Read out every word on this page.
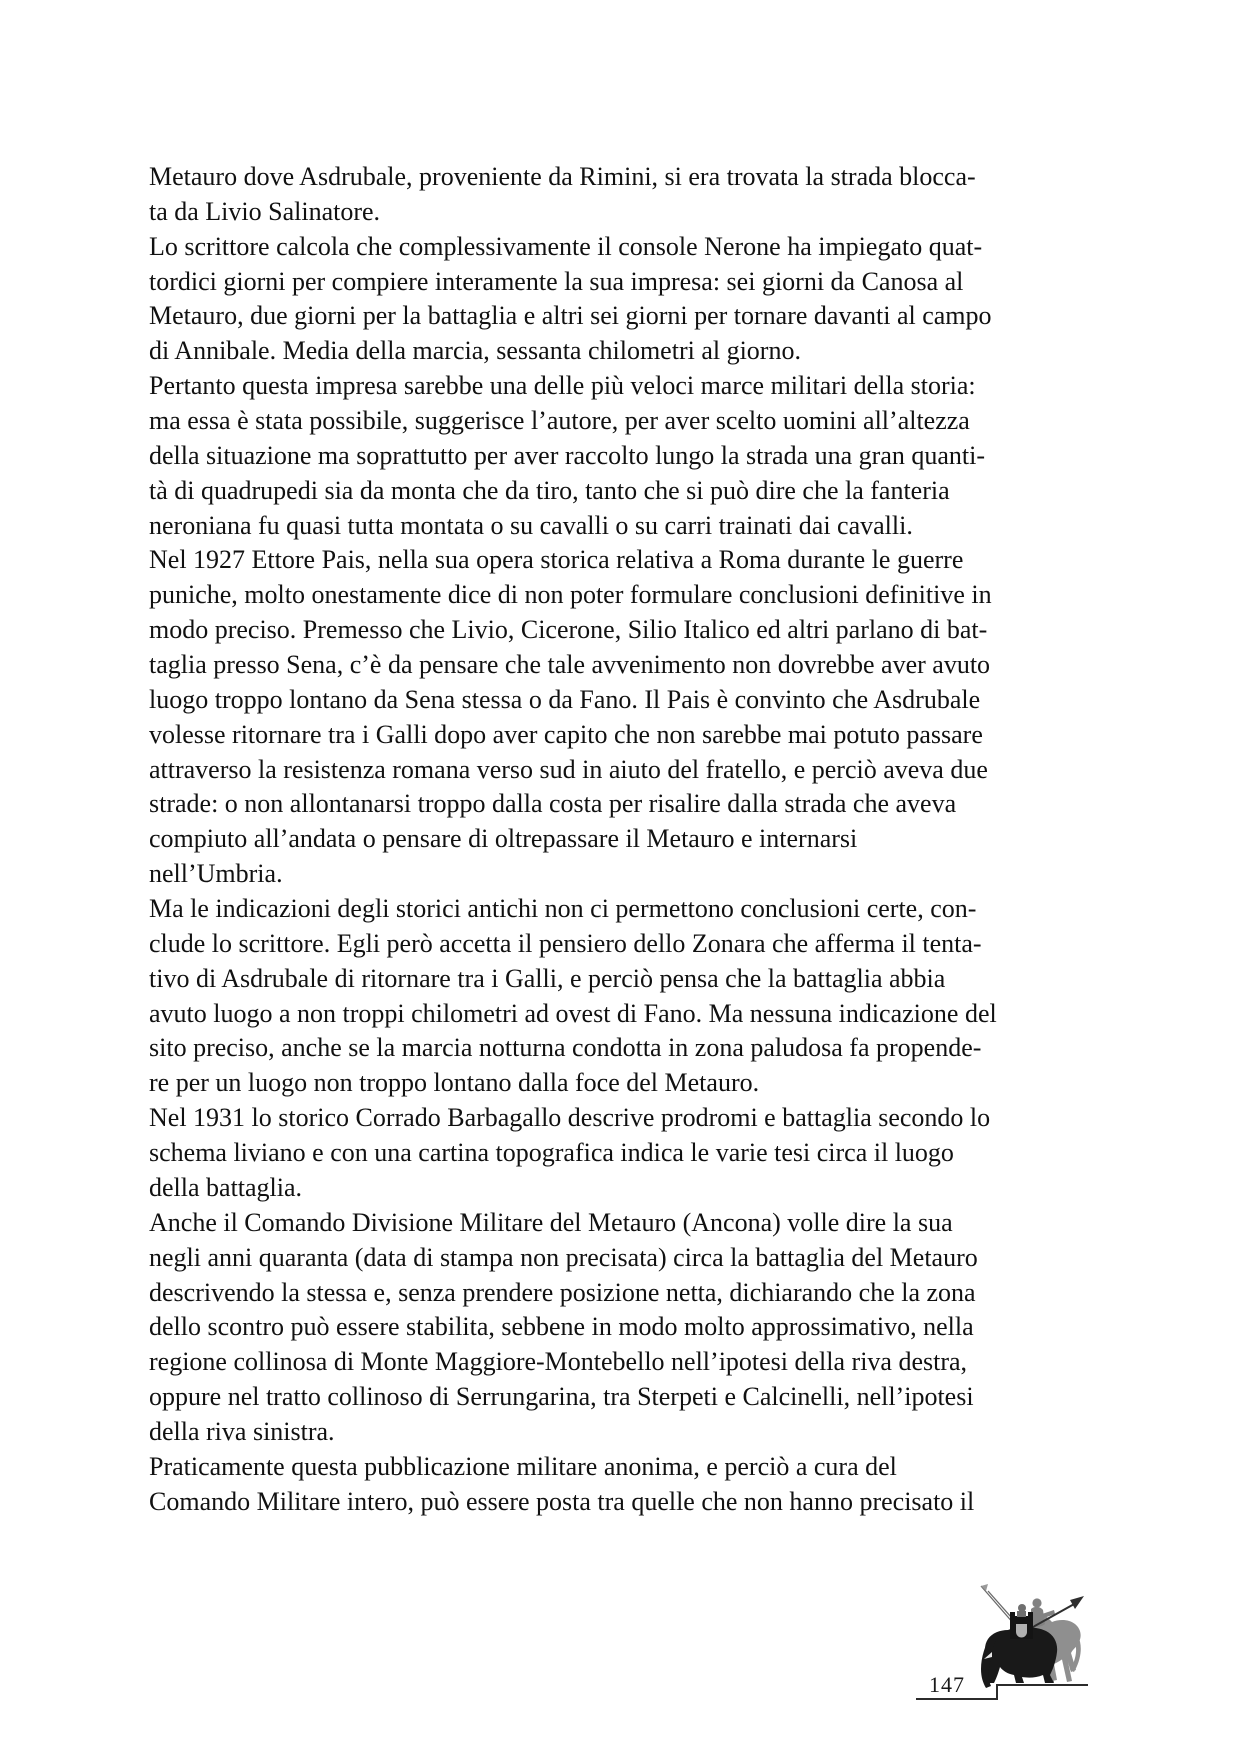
Metauro dove Asdrubale, proveniente da Rimini, si era trovata la strada blocca-
ta da Livio Salinatore.
Lo scrittore calcola che complessivamente il console Nerone ha impiegato quat-
tordici giorni per compiere interamente la sua impresa: sei giorni da Canosa al
Metauro, due giorni per la battaglia e altri sei giorni per tornare davanti al campo
di Annibale. Media della marcia, sessanta chilometri al giorno.
Pertanto questa impresa sarebbe una delle più veloci marce militari della storia:
ma essa è stata possibile, suggerisce l’autore, per aver scelto uomini all’altezza
della situazione ma soprattutto per aver raccolto lungo la strada una gran quanti-
tà di quadrupedi sia da monta che da tiro, tanto che si può dire che la fanteria
neroniana fu quasi tutta montata o su cavalli o su carri trainati dai cavalli.
Nel 1927 Ettore Pais, nella sua opera storica relativa a Roma durante le guerre
puniche, molto onestamente dice di non poter formulare conclusioni definitive in
modo preciso. Premesso che Livio, Cicerone, Silio Italico ed altri parlano di bat-
taglia presso Sena, c’è da pensare che tale avvenimento non dovrebbe aver avuto
luogo troppo lontano da Sena stessa o da Fano. Il Pais è convinto che Asdrubale
volesse ritornare tra i Galli dopo aver capito che non sarebbe mai potuto passare
attraverso la resistenza romana verso sud in aiuto del fratello, e perciò aveva due
strade: o non allontanarsi troppo dalla costa per risalire dalla strada che aveva
compiuto all’andata o pensare di oltrepassare il Metauro e internarsi
nell’Umbria.
Ma le indicazioni degli storici antichi non ci permettono conclusioni certe, con-
clude lo scrittore. Egli però accetta il pensiero dello Zonara che afferma il tenta-
tivo di Asdrubale di ritornare tra i Galli, e perciò pensa che la battaglia abbia
avuto luogo a non troppi chilometri ad ovest di Fano. Ma nessuna indicazione del
sito preciso, anche se la marcia notturna condotta in zona paludosa fa propende-
re per un luogo non troppo lontano dalla foce del Metauro.
Nel 1931 lo storico Corrado Barbagallo descrive prodromi e battaglia secondo lo
schema liviano e con una cartina topografica indica le varie tesi circa il luogo
della battaglia.
Anche il Comando Divisione Militare del Metauro (Ancona) volle dire la sua
negli anni quaranta (data di stampa non precisata) circa la battaglia del Metauro
descrivendo la stessa e, senza prendere posizione netta, dichiarando che la zona
dello scontro può essere stabilita, sebbene in modo molto approssimativo, nella
regione collinosa di Monte Maggiore-Montebello nell’ipotesi della riva destra,
oppure nel tratto collinoso di Serrungarina, tra Sterpeti e Calcinelli, nell’ipotesi
della riva sinistra.
Praticamente questa pubblicazione militare anonima, e perciò a cura del
Comando Militare intero, può essere posta tra quelle che non hanno precisato il
147
